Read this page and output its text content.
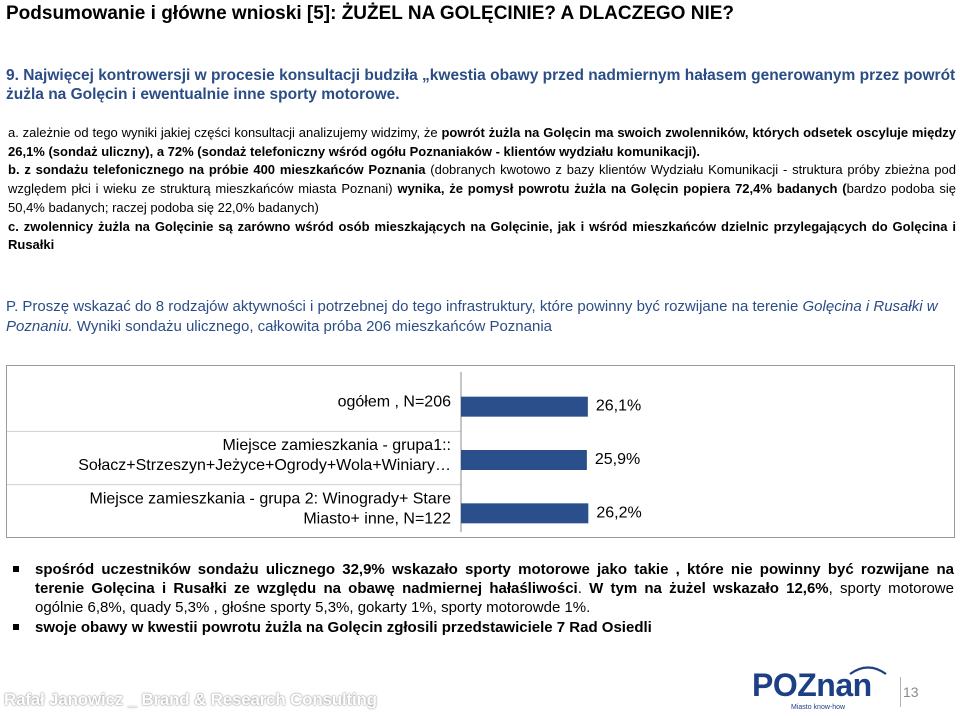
Podsumowanie i główne wnioski [5]: ŻUŻEL NA GOLĘCINIE? A DLACZEGO NIE?
9. Najwięcej kontrowersji w procesie konsultacji budziła „kwestia obawy przed nadmiernym hałasem generowanym przez powrót żużla na Golęcin i ewentualnie inne sporty motorowe.

a. zależnie od tego wyniki jakiej części konsultacji analizujemy widzimy, że powrót żużla na Golęcin ma swoich zwolenników, których odsetek oscyluje między 26,1% (sondaż uliczny), a 72% (sondaż telefoniczny wśród ogółu Poznaniaków - klientów wydziału komunikacji).

b. z sondażu telefonicznego na próbie 400 mieszkańców Poznania (dobranych kwotowo z bazy klientów Wydziału Komunikacji - struktura próby zbieżna pod względem płci i wieku ze strukturą mieszkańców miasta Poznani) wynika, że pomysł powrotu żużla na Golęcin popiera 72,4% badanych (bardzo podoba się 50,4% badanych; raczej podoba się 22,0% badanych)

c. zwolennicy żużla na Golęcinie są zarówno wśród osób mieszkających na Golęcinie, jak i wśród mieszkańców dzielnic przylegających do Golęcina i Rusałki

P. Proszę wskazać do 8 rodzajów aktywności i potrzebnej do tego infrastruktury, które powinny być rozwijane na terenie Golęcina i Rusałki w Poznaniu. Wyniki sondażu ulicznego, całkowita próba 206 mieszkańców Poznania
26,1%
ogółem , N=206
25,9%
Miejsce zamieszkania - grupa1::
Sołacz+Strzeszyn+Jeżyce+Ogrody+Wola+Winiary…
26,2%
Miejsce zamieszkania - grupa 2: Winogrady+ Stare
Miasto+ inne, N=122
spośród uczestników sondażu ulicznego 32,9% wskazało sporty motorowe jako takie , które nie powinny być rozwijane na terenie Golęcina i Rusałki ze względu na obawę nadmiernej hałaśliwości. W tym na żużel wskazało 12,6%, sporty motorowe ogólnie 6,8%, quady 5,3% , głośne sporty 5,3%, gokarty 1%, sporty motorowde 1%.
swoje obawy w kwestii powrotu żużla na Golęcin zgłosili przedstawiciele 7 Rad Osiedli
Rafał Janowicz _ Brand & Research Consulting	POZnan
Miasto know-how
13
